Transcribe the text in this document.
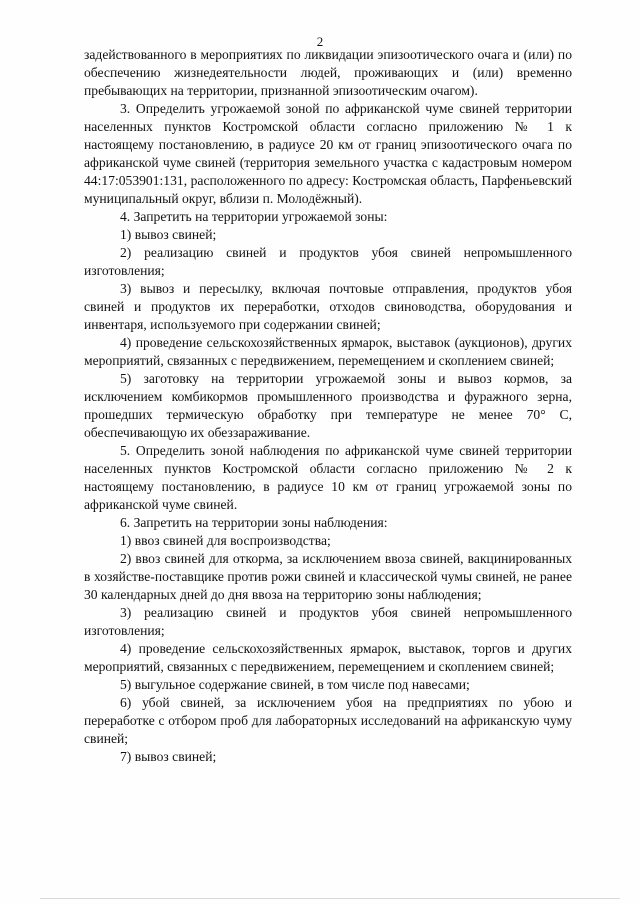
2

задействованного в мероприятиях по ликвидации эпизоотического очага и (или) по обеспечению жизнедеятельности людей, проживающих и (или) временно пребывающих на территории, признанной эпизоотическим очагом).

3. Определить угрожаемой зоной по африканской чуме свиней территории населенных пунктов Костромской области согласно приложению № 1 к настоящему постановлению, в радиусе 20 км от границ эпизоотического очага по африканской чуме свиней (территория земельного участка с кадастровым номером 44:17:053901:131, расположенного по адресу: Костромская область, Парфеньевский муниципальный округ, вблизи п. Молодёжный).

4. Запретить на территории угрожаемой зоны:

1) вывоз свиней;

2) реализацию свиней и продуктов убоя свиней непромышленного изготовления;

3) вывоз и пересылку, включая почтовые отправления, продуктов убоя свиней и продуктов их переработки, отходов свиноводства, оборудования и инвентаря, используемого при содержании свиней;

4) проведение сельскохозяйственных ярмарок, выставок (аукционов), других мероприятий, связанных с передвижением, перемещением и скоплением свиней;

5) заготовку на территории угрожаемой зоны и вывоз кормов, за исключением комбикормов промышленного производства и фуражного зерна, прошедших термическую обработку при температуре не менее 70° С, обеспечивающую их обеззараживание.

5. Определить зоной наблюдения по африканской чуме свиней территории населенных пунктов Костромской области согласно приложению № 2 к настоящему постановлению, в радиусе 10 км от границ угрожаемой зоны по африканской чуме свиней.

6. Запретить на территории зоны наблюдения:

1) ввоз свиней для воспроизводства;

2) ввоз свиней для откорма, за исключением ввоза свиней, вакцинированных в хозяйстве-поставщике против рожи свиней и классической чумы свиней, не ранее 30 календарных дней до дня ввоза на территорию зоны наблюдения;

3) реализацию свиней и продуктов убоя свиней непромышленного изготовления;

4) проведение сельскохозяйственных ярмарок, выставок, торгов и других мероприятий, связанных с передвижением, перемещением и скоплением свиней;

5) выгульное содержание свиней, в том числе под навесами;

6) убой свиней, за исключением убоя на предприятиях по убою и переработке с отбором проб для лабораторных исследований на африканскую чуму свиней;

7) вывоз свиней;
